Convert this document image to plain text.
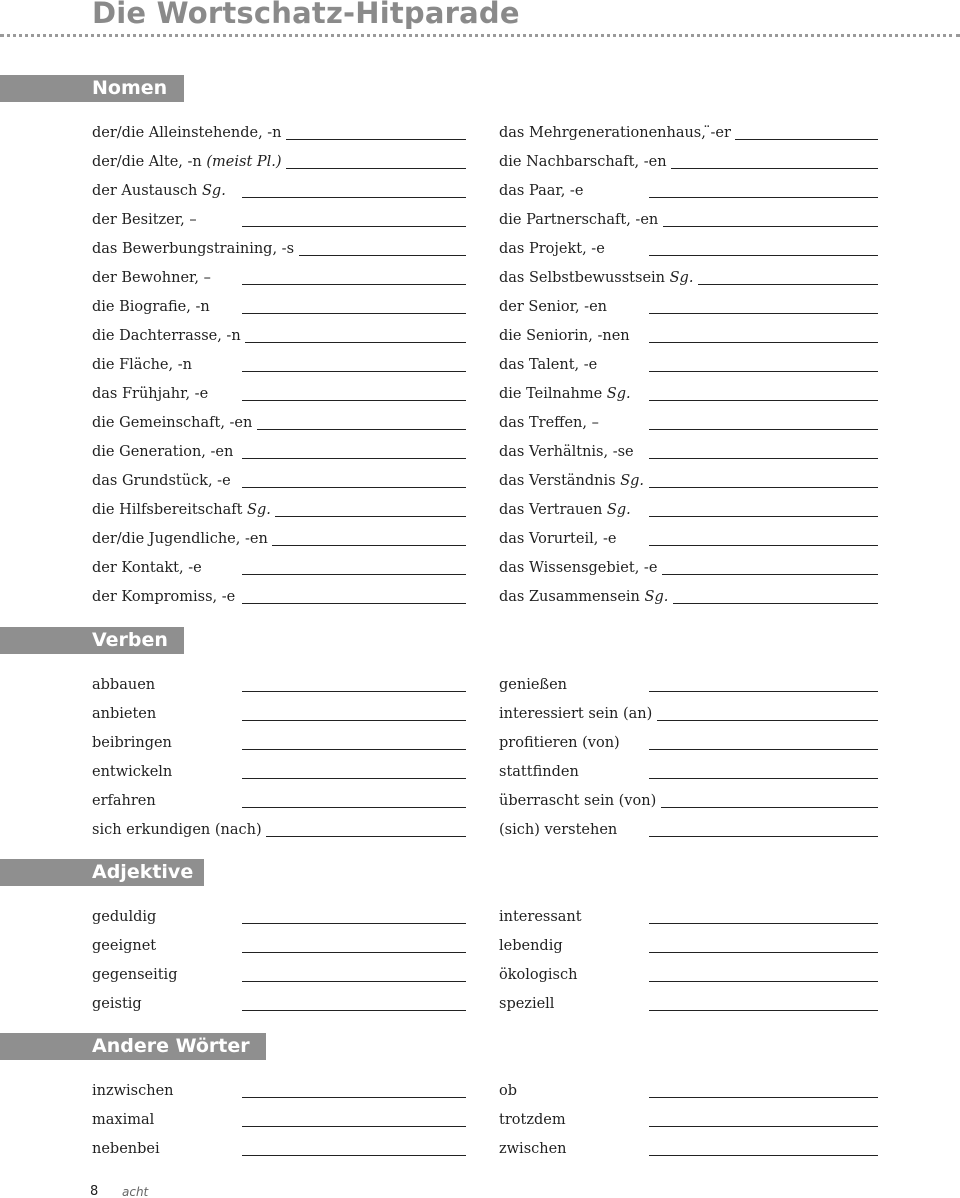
Die Wortschatz-Hitparade
Nomen
der/die Alleinstehende, -n
der/die Alte, -n (meist Pl.)
der Austausch Sg.
der Besitzer, –
das Bewerbungstraining, -s
der Bewohner, –
die Biografie, -n
die Dachterrasse, -n
die Fläche, -n
das Frühjahr, -e
die Gemeinschaft, -en
die Generation, -en
das Grundstück, -e
die Hilfsbereitschaft Sg.
der/die Jugendliche, -en
der Kontakt, -e
der Kompromiss, -e
das Mehrgenerationenhaus, ̈-er
die Nachbarschaft, -en
das Paar, -e
die Partnerschaft, -en
das Projekt, -e
das Selbstbewusstsein Sg.
der Senior, -en
die Seniorin, -nen
das Talent, -e
die Teilnahme Sg.
das Treffen, –
das Verhältnis, -se
das Verständnis Sg.
das Vertrauen Sg.
das Vorurteil, -e
das Wissensgebiet, -e
das Zusammensein Sg.
Verben
abbauen
anbieten
beibringen
entwickeln
erfahren
sich erkundigen (nach)
genießen
interessiert sein (an)
profitieren (von)
stattfinden
überrascht sein (von)
(sich) verstehen
Adjektive
geduldig
geeignet
gegenseitig
geistig
interessant
lebendig
ökologisch
speziell
Andere Wörter
inzwischen
maximal
nebenbei
ob
trotzdem
zwischen
8 acht
